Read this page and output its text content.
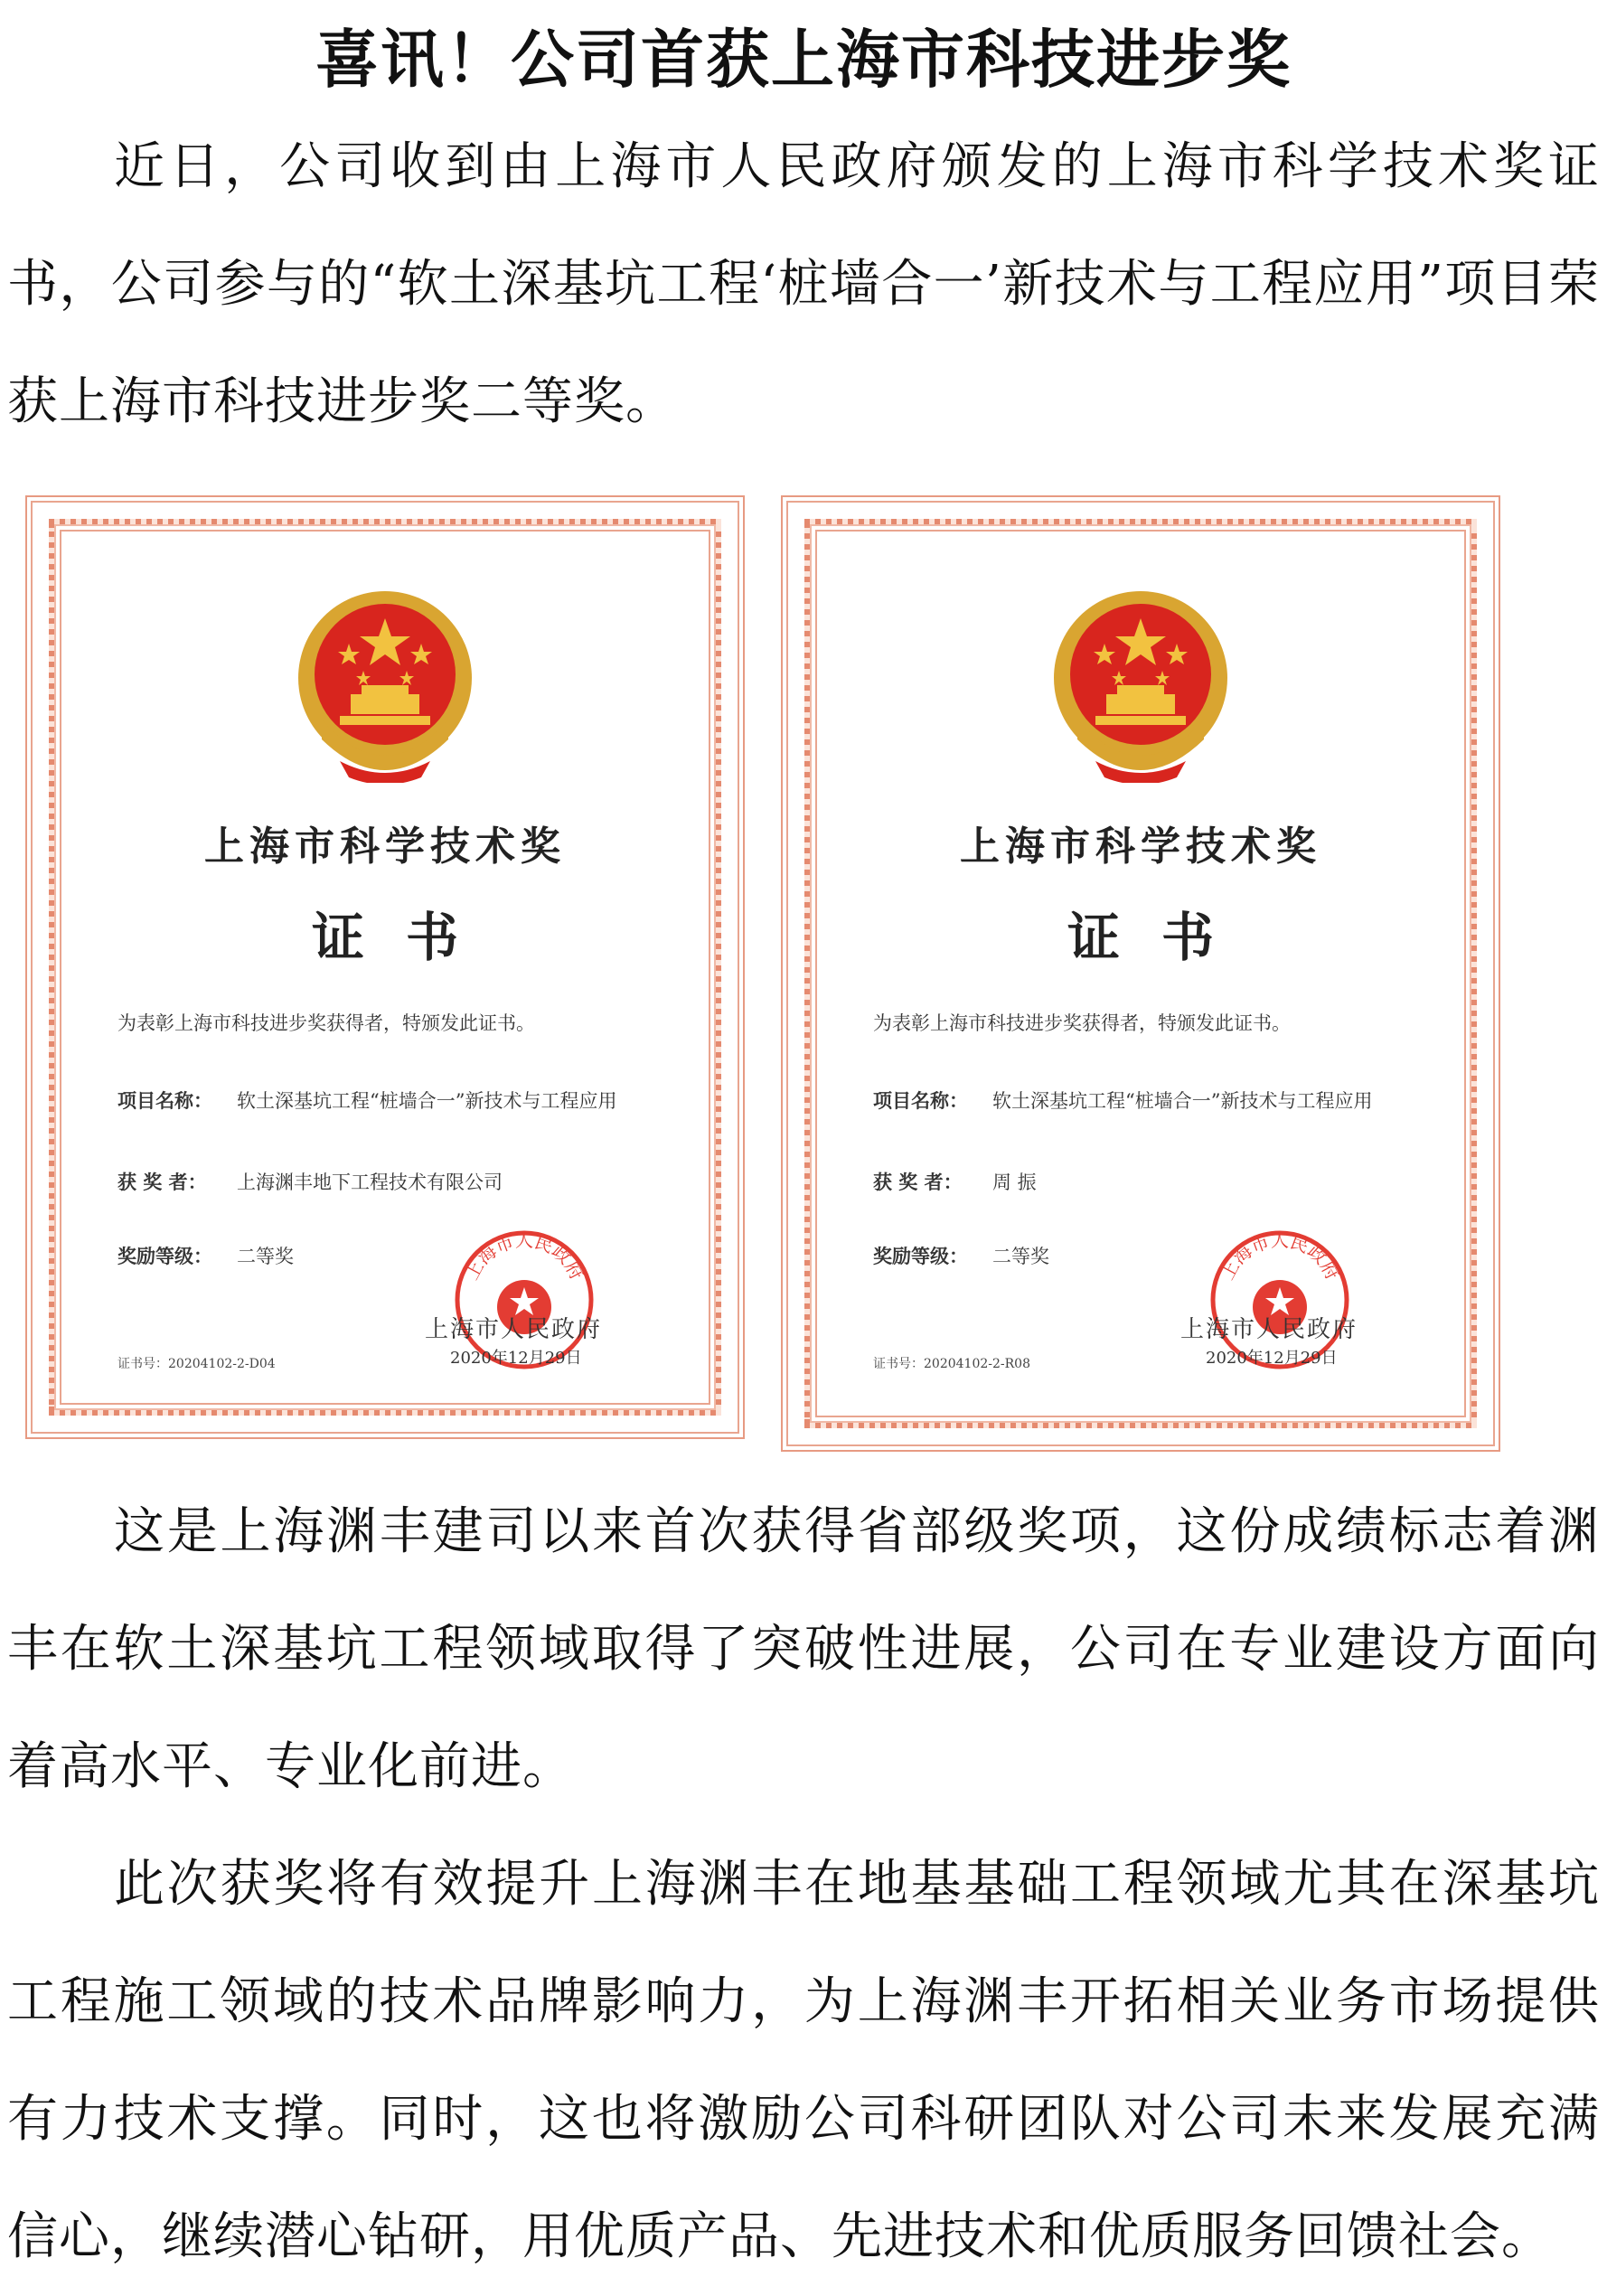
喜讯！公司首获上海市科技进步奖

近日，公司收到由上海市人民政府颁发的上海市科学技术奖证书，公司参与的“软土深基坑工程‘桩墙合一’新技术与工程应用”项目荣获上海市科技进步奖二等奖。

上海市科学技术奖
证书
为表彰上海市科技进步奖获得者，特颁发此证书。
项目名称： 软土深基坑工程“桩墙合一”新技术与工程应用
获 奖 者： 上海渊丰地下工程技术有限公司
奖励等级： 二等奖
上海市人民政府
上海市人民政府
2020年12月29日
证书号：20204102-2-D04
上海市科学技术奖
证书
为表彰上海市科技进步奖获得者，特颁发此证书。
项目名称： 软土深基坑工程“桩墙合一”新技术与工程应用
获 奖 者： 周 振
奖励等级： 二等奖
上海市人民政府
上海市人民政府
2020年12月29日
证书号：20204102-2-R08

这是上海渊丰建司以来首次获得省部级奖项，这份成绩标志着渊丰在软土深基坑工程领域取得了突破性进展，公司在专业建设方面向着高水平、专业化前进。

此次获奖将有效提升上海渊丰在地基基础工程领域尤其在深基坑工程施工领域的技术品牌影响力，为上海渊丰开拓相关业务市场提供有力技术支撑。同时，这也将激励公司科研团队对公司未来发展充满信心，继续潜心钻研，用优质产品、先进技术和优质服务回馈社会。
